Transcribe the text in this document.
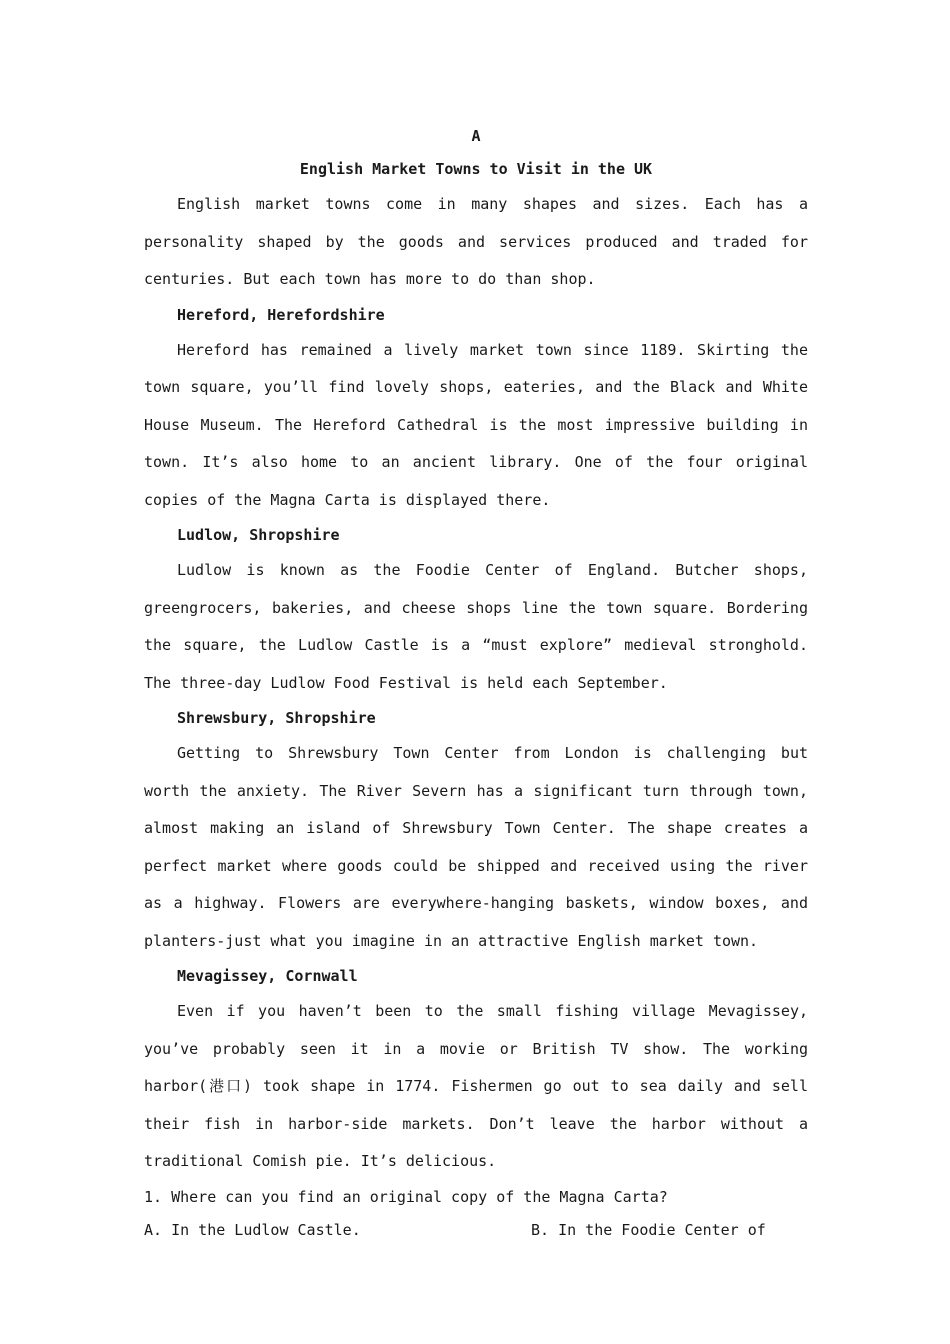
A
English Market Towns to Visit in the UK

English market towns come in many shapes and sizes. Each has a personality shaped by the goods and services produced and traded for centuries. But each town has more to do than shop.

Hereford, Herefordshire

Hereford has remained a lively market town since 1189. Skirting the town square, you’ll find lovely shops, eateries, and the Black and White House Museum. The Hereford Cathedral is the most impressive building in town. It’s also home to an ancient library. One of the four original copies of the Magna Carta is displayed there.

Ludlow, Shropshire

Ludlow is known as the Foodie Center of England. Butcher shops, greengrocers, bakeries, and cheese shops line the town square. Bordering the square, the Ludlow Castle is a “must explore” medieval stronghold. The three-day Ludlow Food Festival is held each September.

Shrewsbury, Shropshire

Getting to Shrewsbury Town Center from London is challenging but worth the anxiety. The River Severn has a significant turn through town, almost making an island of Shrewsbury Town Center. The shape creates a perfect market where goods could be shipped and received using the river as a highway. Flowers are everywhere-hanging baskets, window boxes, and planters-just what you imagine in an attractive English market town.

Mevagissey, Cornwall

Even if you haven’t been to the small fishing village Mevagissey, you’ve probably seen it in a movie or British TV show. The working harbor(港口) took shape in 1774. Fishermen go out to sea daily and sell their fish in harbor-side markets. Don’t leave the harbor without a traditional Comish pie. It’s delicious.

1. Where can you find an original copy of the Magna Carta?

A. In the Ludlow Castle.	B. In the Foodie Center of
